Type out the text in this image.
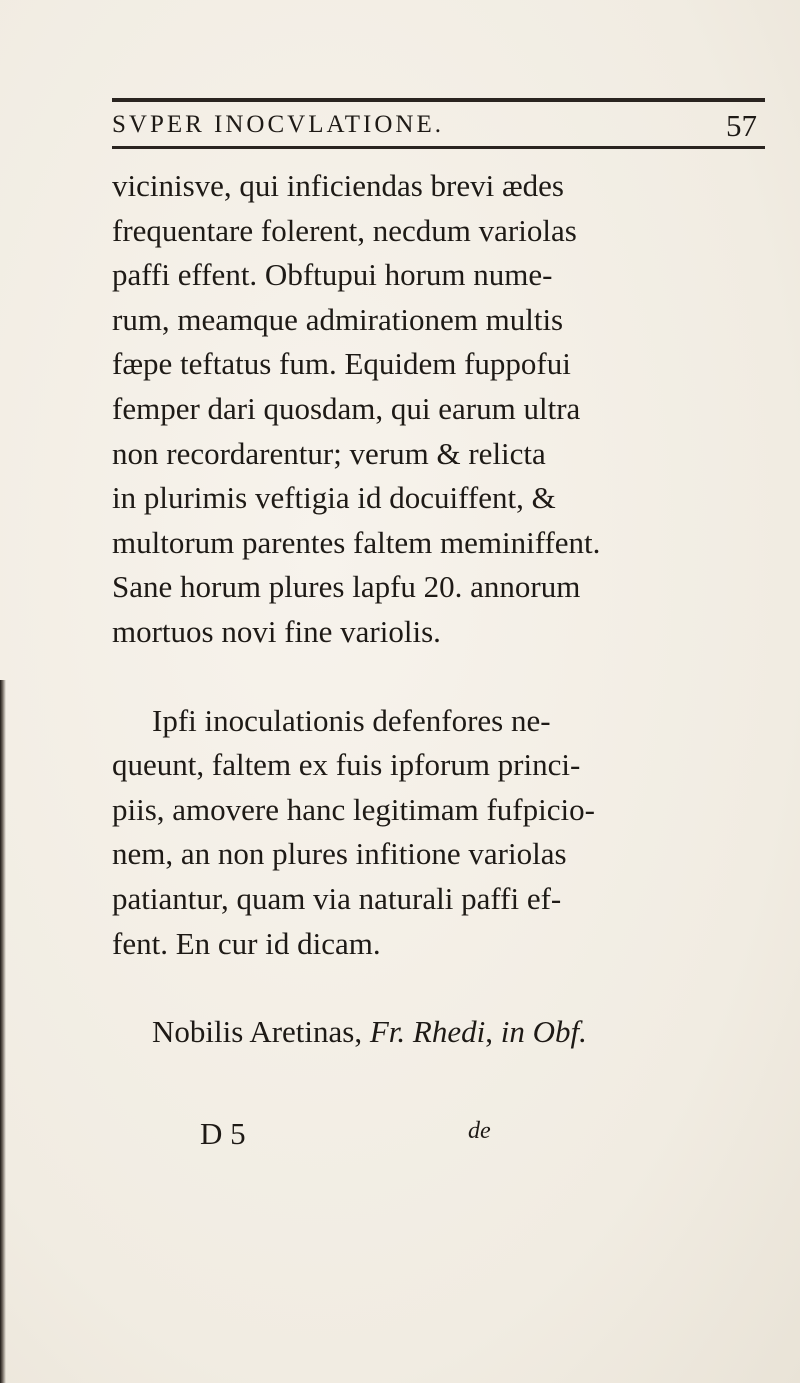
SVPER INOCVLATIONE.	57
vicinisve, qui inficiendas brevi ædes
frequentare folerent, necdum variolas
paffi effent. Obftupui horum nume-
rum, meamque admirationem multis
fæpe teftatus fum. Equidem fuppofui
femper dari quosdam, qui earum ultra
non recordarentur; verum & relicta
in plurimis veftigia id docuiffent, &
multorum parentes faltem meminiffent.
Sane horum plures lapfu 20. annorum
mortuos novi fine variolis.
Ipfi inoculationis defenfores ne-
queunt, faltem ex fuis ipforum princi-
piis, amovere hanc legitimam fufpicio-
nem, an non plures infitione variolas
patiantur, quam via naturali paffi ef-
fent. En cur id dicam.
Nobilis Aretinas, Fr. Rhedi, in Obf.
D 5	de
